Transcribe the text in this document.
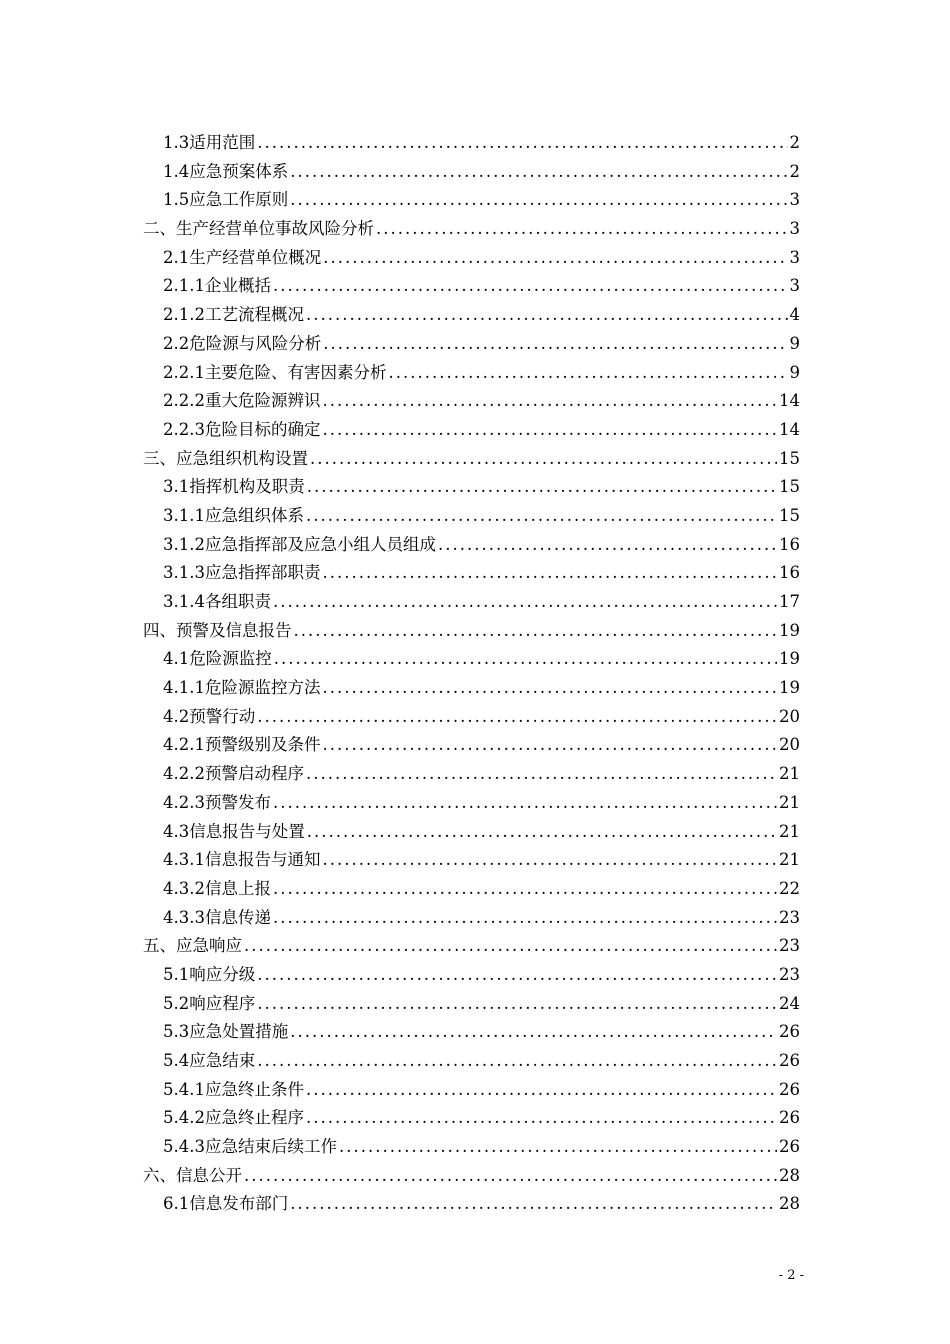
1.3适用范围 .....	2
1.4应急预案体系 .....	2
1.5应急工作原则 .....	3
二、生产经营单位事故风险分析 .....	3
2.1生产经营单位概况 .....	3
2.1.1企业概括 .....	3
2.1.2工艺流程概况 .....	4
2.2危险源与风险分析 .....	9
2.2.1主要危险、有害因素分析 .....	9
2.2.2重大危险源辨识 .....	14
2.2.3危险目标的确定 .....	14
三、应急组织机构设置 .....	15
3.1指挥机构及职责 .....	15
3.1.1应急组织体系 .....	15
3.1.2应急指挥部及应急小组人员组成 .....	16
3.1.3应急指挥部职责 .....	16
3.1.4各组职责 .....	17
四、预警及信息报告 .....	19
4.1危险源监控 .....	19
4.1.1危险源监控方法 .....	19
4.2预警行动 .....	20
4.2.1预警级别及条件 .....	20
4.2.2预警启动程序 .....	21
4.2.3预警发布 .....	21
4.3信息报告与处置 .....	21
4.3.1信息报告与通知 .....	21
4.3.2信息上报 .....	22
4.3.3信息传递 .....	23
五、应急响应 .....	23
5.1响应分级 .....	23
5.2响应程序 .....	24
5.3应急处置措施 .....	26
5.4应急结束 .....	26
5.4.1应急终止条件 .....	26
5.4.2应急终止程序 .....	26
5.4.3应急结束后续工作 .....	26
六、信息公开 .....	28
6.1信息发布部门 .....	28
- 2 -
